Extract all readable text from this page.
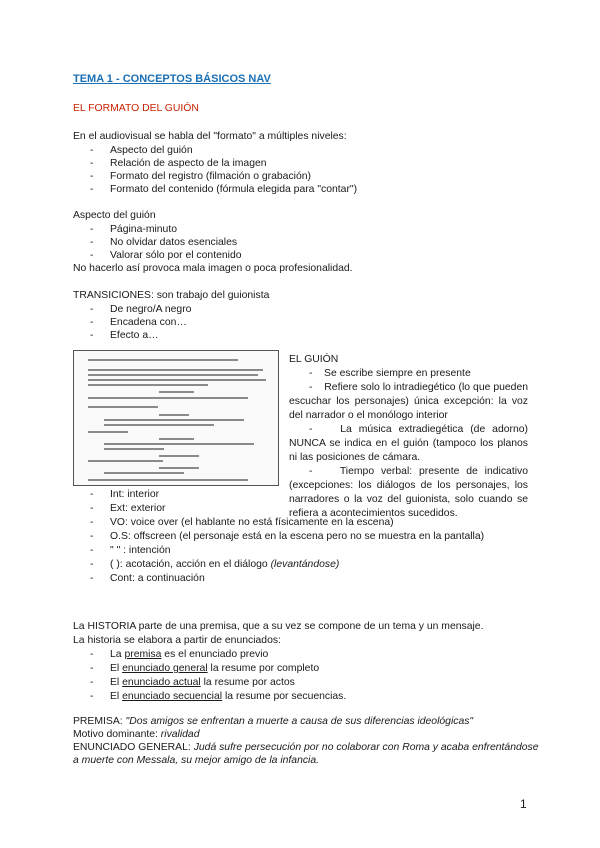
TEMA 1 - CONCEPTOS BÁSICOS NAV
EL FORMATO DEL GUIÓN
En el audiovisual se habla del "formato" a múltiples niveles:
- Aspecto del guión
- Relación de aspecto de la imagen
- Formato del registro (filmación o grabación)
- Formato del contenido (fórmula elegida para "contar")
Aspecto del guión
- Página-minuto
- No olvidar datos esenciales
- Valorar sólo por el contenido
No hacerlo así provoca mala imagen o poca profesionalidad.
TRANSICIONES: son trabajo del guionista
- De negro/A negro
- Encadena con…
- Efecto a…

EL GUIÓN

-    Se escribe siempre en presente

-    Refiere solo lo intradiegético (lo que pueden escuchar los personajes) única excepción: la voz del narrador o el monólogo interior

-    La música extradiegética (de adorno) NUNCA se indica en el guión (tampoco los planos ni las posiciones de cámara.

-    Tiempo verbal: presente de indicativo (excepciones: los diálogos de los personajes, los narradores o la voz del guionista, solo cuando se refiera a acontecimientos sucedidos.

- Int: interior
- Ext: exterior
- VO: voice over (el hablante no está físicamente en la escena)
- O.S: offscreen (el personaje está en la escena pero no se muestra en la pantalla)
- " " : intención
- ( ): acotación, acción en el diálogo (levantándose)
- Cont: a continuación
La HISTORIA parte de una premisa, que a su vez se compone de un tema y un mensaje.
La historia se elabora a partir de enunciados:
- La premisa es el enunciado previo
- El enunciado general la resume por completo
- El enunciado actual la resume por actos
- El enunciado secuencial la resume por secuencias.
PREMISA: "Dos amigos se enfrentan a muerte a causa de sus diferencias ideológicas"
Motivo dominante: rivalidad
ENUNCIADO GENERAL: Judá sufre persecución por no colaborar con Roma y acaba enfrentándose
a muerte con Messala, su mejor amigo de la infancia.
1
